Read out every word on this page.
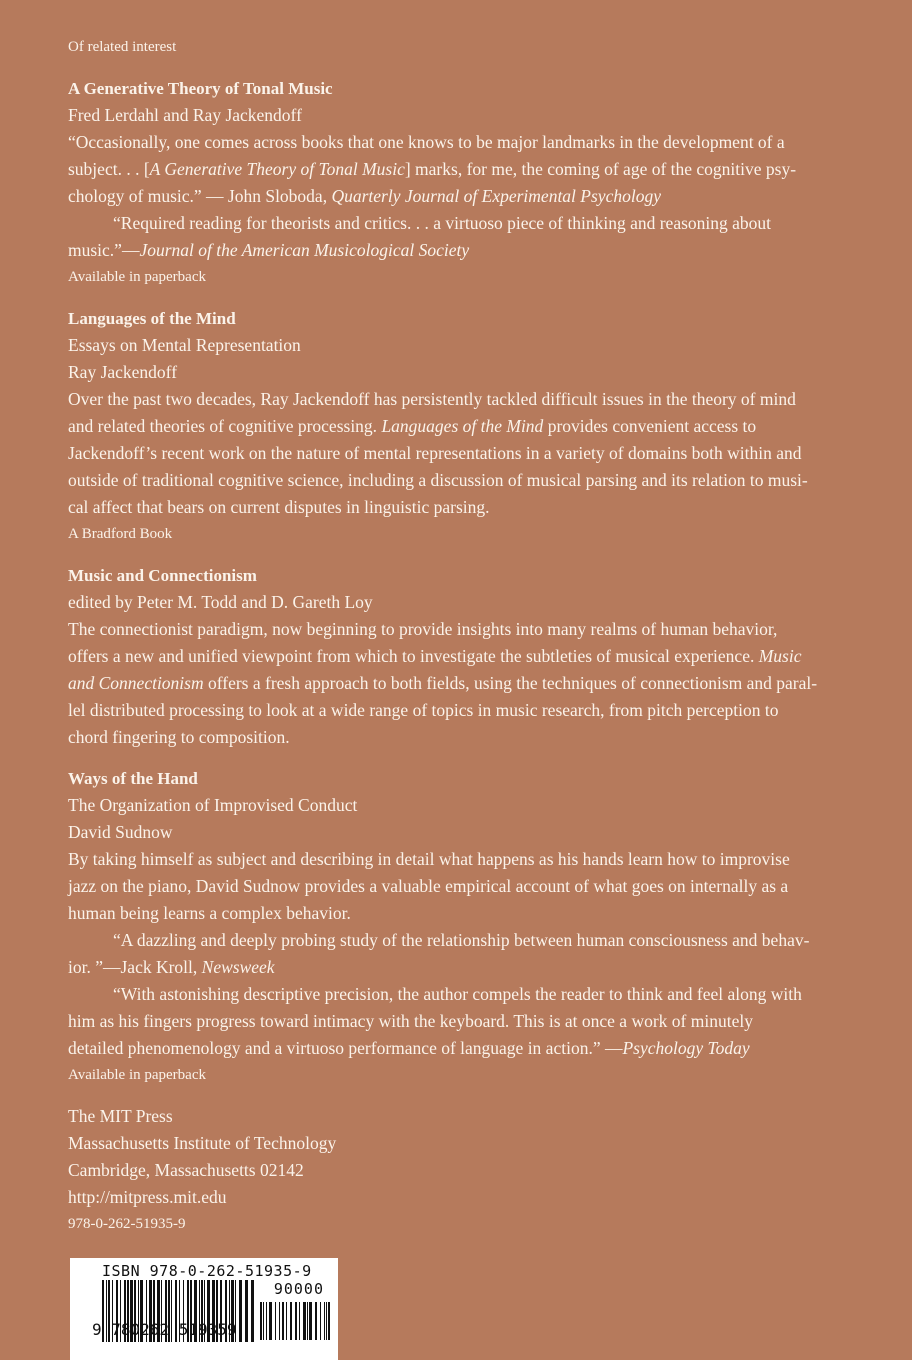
Of related interest
A Generative Theory of Tonal Music
Fred Lerdahl and Ray Jackendoff
“Occasionally, one comes across books that one knows to be major landmarks in the development of a
subject. . . [A Generative Theory of Tonal Music] marks, for me, the coming of age of the cognitive psy-
chology of music.” — John Sloboda, Quarterly Journal of Experimental Psychology
“Required reading for theorists and critics. . . a virtuoso piece of thinking and reasoning about
music.”—Journal of the American Musicological Society
Available in paperback
Languages of the Mind
Essays on Mental Representation
Ray Jackendoff
Over the past two decades, Ray Jackendoff has persistently tackled difficult issues in the theory of mind
and related theories of cognitive processing. Languages of the Mind provides convenient access to
Jackendoff’s recent work on the nature of mental representations in a variety of domains both within and
outside of traditional cognitive science, including a discussion of musical parsing and its relation to musi-
cal affect that bears on current disputes in linguistic parsing.
A Bradford Book
Music and Connectionism
edited by Peter M. Todd and D. Gareth Loy
The connectionist paradigm, now beginning to provide insights into many realms of human behavior,
offers a new and unified viewpoint from which to investigate the subtleties of musical experience. Music
and Connectionism offers a fresh approach to both fields, using the techniques of connectionism and paral-
lel distributed processing to look at a wide range of topics in music research, from pitch perception to
chord fingering to composition.
Ways of the Hand
The Organization of Improvised Conduct
David Sudnow
By taking himself as subject and describing in detail what happens as his hands learn how to improvise
jazz on the piano, David Sudnow provides a valuable empirical account of what goes on internally as a
human being learns a complex behavior.
“A dazzling and deeply probing study of the relationship between human consciousness and behav-
ior. ”—Jack Kroll, Newsweek
“With astonishing descriptive precision, the author compels the reader to think and feel along with
him as his fingers progress toward intimacy with the keyboard. This is at once a work of minutely
detailed phenomenology and a virtuoso performance of language in action.” —Psychology Today
Available in paperback
The MIT Press
Massachusetts Institute of Technology
Cambridge, Massachusetts 02142
http://mitpress.mit.edu
978-0-262-51935-9
ISBN 978-0-262-51935-9
90000
9 780262 519359
